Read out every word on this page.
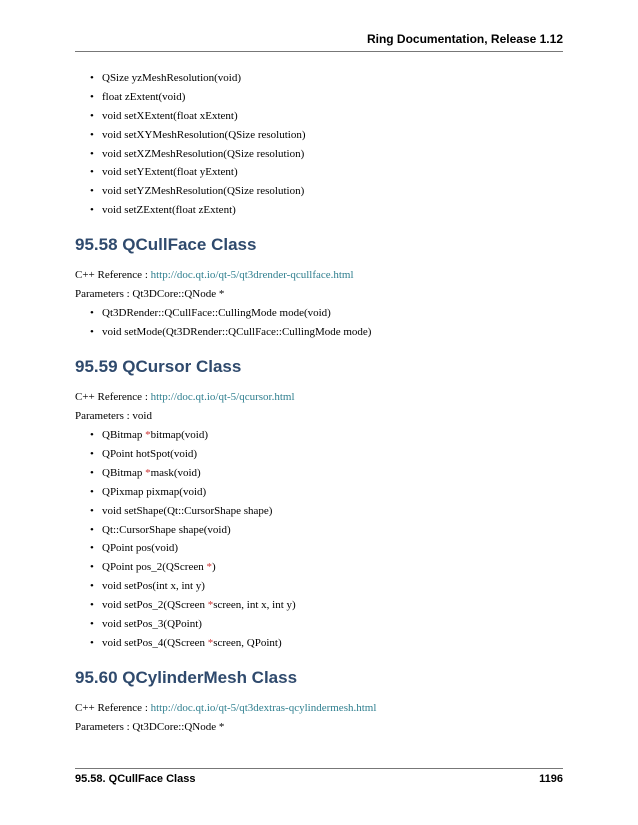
Ring Documentation, Release 1.12
• QSize yzMeshResolution(void)
• float zExtent(void)
• void setXExtent(float xExtent)
• void setXYMeshResolution(QSize resolution)
• void setXZMeshResolution(QSize resolution)
• void setYExtent(float yExtent)
• void setYZMeshResolution(QSize resolution)
• void setZExtent(float zExtent)
95.58 QCullFace Class

C++ Reference : http://doc.qt.io/qt-5/qt3drender-qcullface.html

Parameters : Qt3DCore::QNode *

• Qt3DRender::QCullFace::CullingMode mode(void)
• void setMode(Qt3DRender::QCullFace::CullingMode mode)
95.59 QCursor Class

C++ Reference : http://doc.qt.io/qt-5/qcursor.html

Parameters : void

• QBitmap *bitmap(void)
• QPoint hotSpot(void)
• QBitmap *mask(void)
• QPixmap pixmap(void)
• void setShape(Qt::CursorShape shape)
• Qt::CursorShape shape(void)
• QPoint pos(void)
• QPoint pos_2(QScreen *)
• void setPos(int x, int y)
• void setPos_2(QScreen *screen, int x, int y)
• void setPos_3(QPoint)
• void setPos_4(QScreen *screen, QPoint)
95.60 QCylinderMesh Class

C++ Reference : http://doc.qt.io/qt-5/qt3dextras-qcylindermesh.html

Parameters : Qt3DCore::QNode *

95.58. QCullFace Class	1196
